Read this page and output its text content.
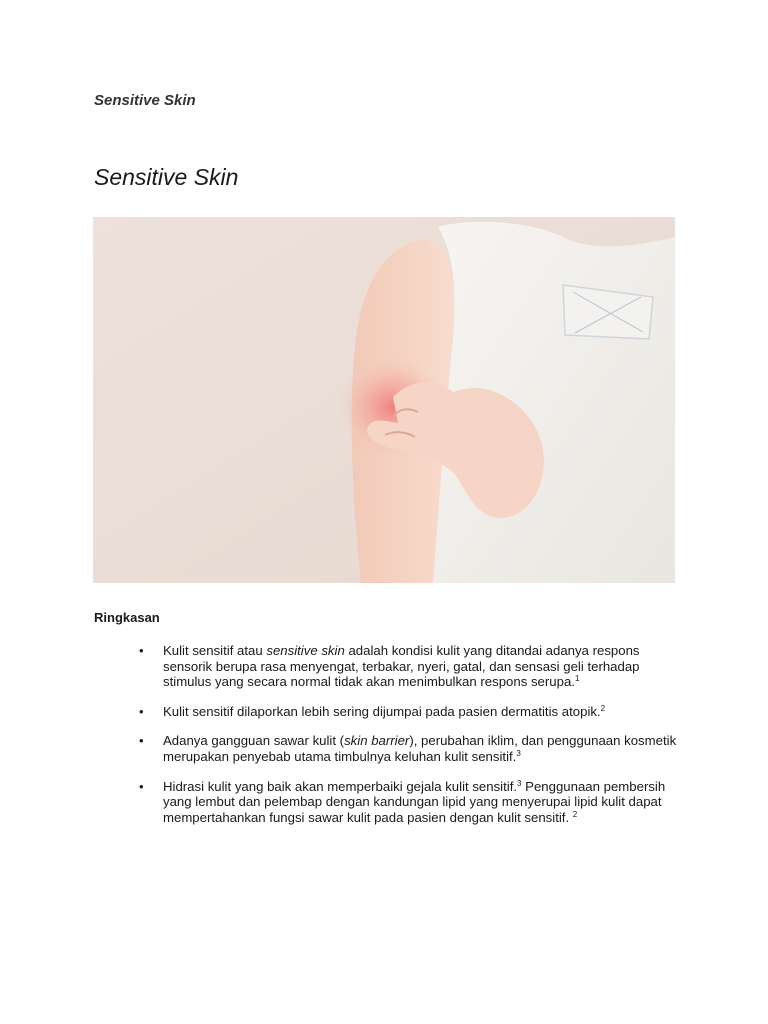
Sensitive Skin
Sensitive Skin
Ringkasan
• Kulit sensitif atau sensitive skin adalah kondisi kulit yang ditandai adanya respons sensorik berupa rasa menyengat, terbakar, nyeri, gatal, dan sensasi geli terhadap stimulus yang secara normal tidak akan menimbulkan respons serupa.$^1$
• Kulit sensitif dilaporkan lebih sering dijumpai pada pasien dermatitis atopik.$^2$
• Adanya gangguan sawar kulit (skin barrier), perubahan iklim, dan penggunaan kosmetik merupakan penyebab utama timbulnya keluhan kulit sensitif.$^3$
• Hidrasi kulit yang baik akan memperbaiki gejala kulit sensitif.$^3$ Penggunaan pembersih yang lembut dan pelembap dengan kandungan lipid yang menyerupai lipid kulit dapat mempertahankan fungsi sawar kulit pada pasien dengan kulit sensitif. $^2$
